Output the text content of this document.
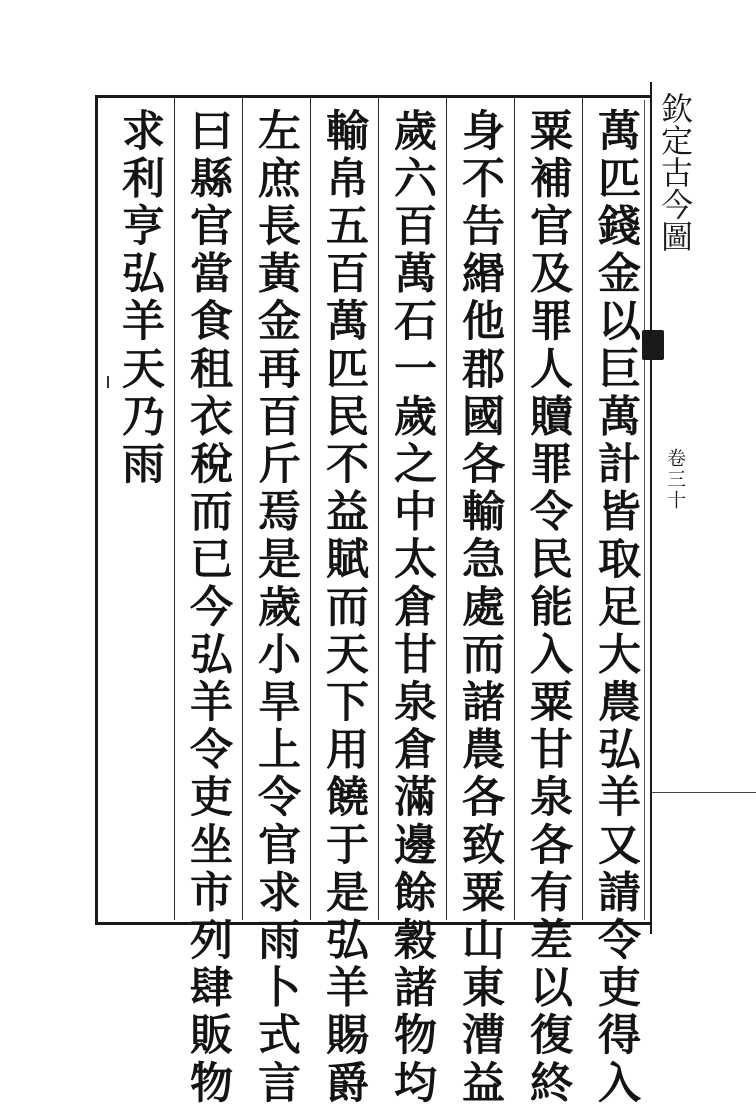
欽定古今圖
卷三十
萬匹錢金以巨萬計皆取足大農弘羊又請令吏得入
粟補官及罪人贖罪令民能入粟甘泉各有差以復終
身不告緡他郡國各輸急處而諸農各致粟山東漕益
歲六百萬石一歲之中太倉甘泉倉滿邊餘穀諸物均
輸帛五百萬匹民不益賦而天下用饒于是弘羊賜爵
左庶長黃金再百斤焉是歲小旱上令官求雨卜式言
曰縣官當食租衣稅而已今弘羊令吏坐市列肆販物
求利亨弘羊天乃雨
